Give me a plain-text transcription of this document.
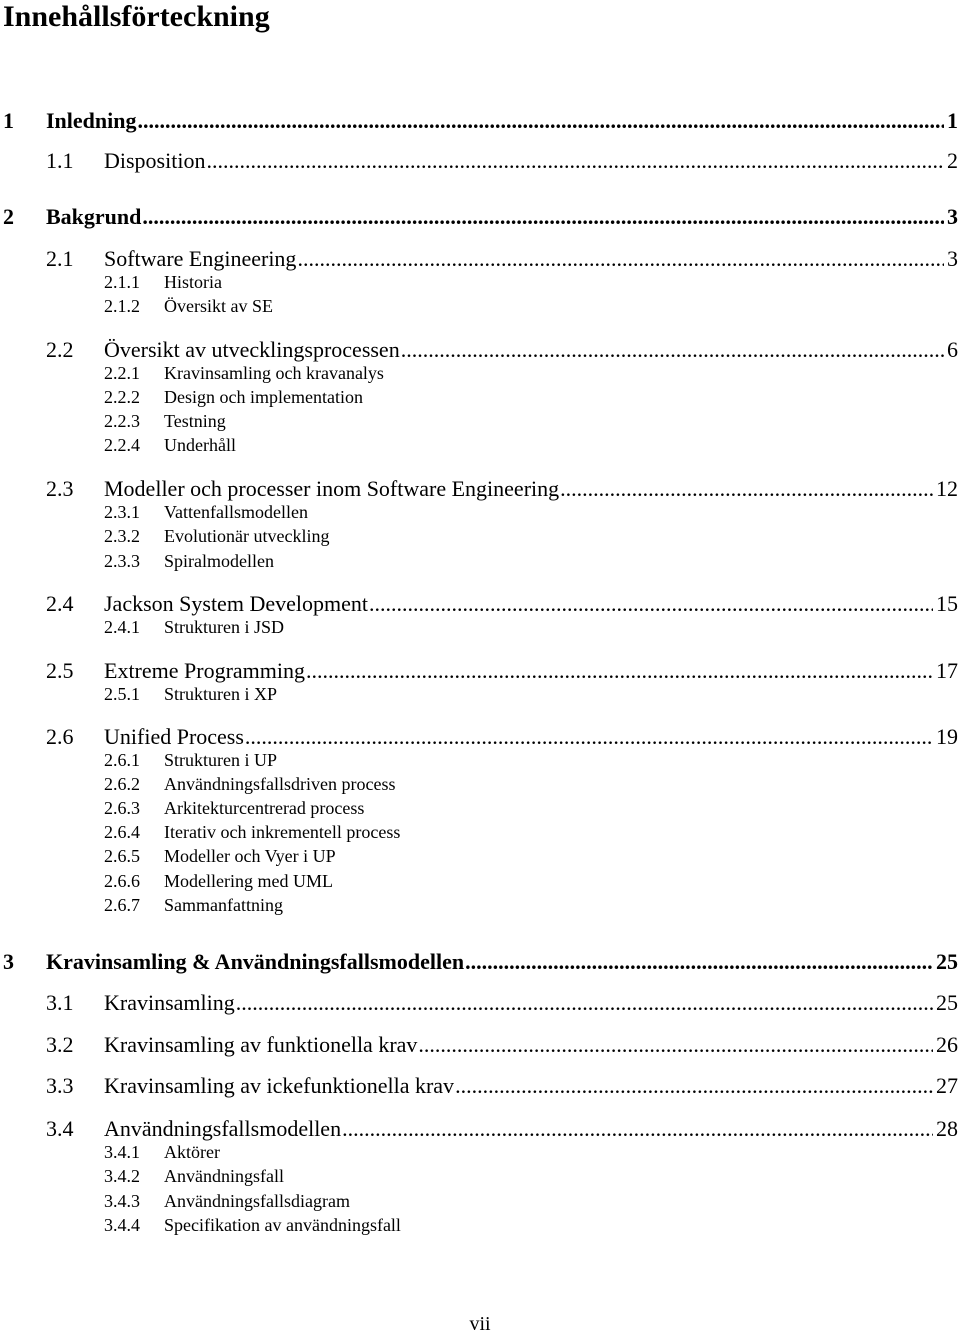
Innehållsförteckning
1 Inledning .....	1
1.1 Disposition .....	2
2 Bakgrund .....	3
2.1 Software Engineering .....	3
2.1.1 Historia
2.1.2 Översikt av SE
2.2 Översikt av utvecklingsprocessen .....	6
2.2.1 Kravinsamling och kravanalys
2.2.2 Design och implementation
2.2.3 Testning
2.2.4 Underhåll
2.3 Modeller och processer inom Software Engineering .....	12
2.3.1 Vattenfallsmodellen
2.3.2 Evolutionär utveckling
2.3.3 Spiralmodellen
2.4 Jackson System Development .....	15
2.4.1 Strukturen i JSD
2.5 Extreme Programming .....	17
2.5.1 Strukturen i XP
2.6 Unified Process .....	19
2.6.1 Strukturen i UP
2.6.2 Användningsfallsdriven process
2.6.3 Arkitekturcentrerad process
2.6.4 Iterativ och inkrementell process
2.6.5 Modeller och Vyer i UP
2.6.6 Modellering med UML
2.6.7 Sammanfattning
3 Kravinsamling & Användningsfallsmodellen .....	25
3.1 Kravinsamling .....	25
3.2 Kravinsamling av funktionella krav .....	26
3.3 Kravinsamling av ickefunktionella krav .....	27
3.4 Användningsfallsmodellen .....	28
3.4.1 Aktörer
3.4.2 Användningsfall
3.4.3 Användningsfallsdiagram
3.4.4 Specifikation av användningsfall
vii
